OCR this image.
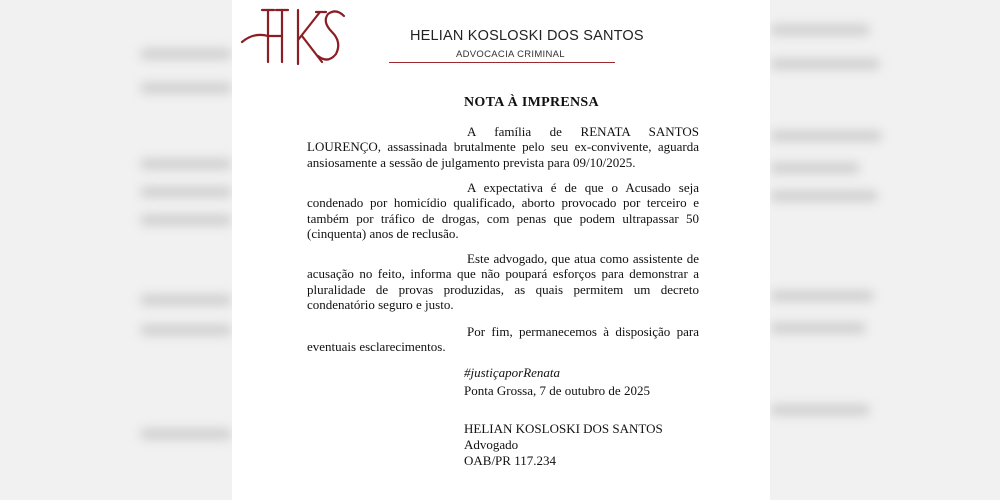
HELIAN KOSLOSKI DOS SANTOS
ADVOCACIA CRIMINAL
NOTA À IMPRENSA

A família de RENATA SANTOS LOURENÇO, assassinada brutalmente pelo seu ex-convivente, aguarda ansiosamente a sessão de julgamento prevista para 09/10/2025.

A expectativa é de que o Acusado seja condenado por homicídio qualificado, aborto provocado por terceiro e também por tráfico de drogas, com penas que podem ultrapassar 50 (cinquenta) anos de reclusão.

Este advogado, que atua como assistente de acusação no feito, informa que não poupará esforços para demonstrar a pluralidade de provas produzidas, as quais permitem um decreto condenatório seguro e justo.

Por fim, permanecemos à disposição para eventuais esclarecimentos.

#justiçaporRenata
Ponta Grossa, 7 de outubro de 2025
HELIAN KOSLOSKI DOS SANTOS
Advogado
OAB/PR 117.234
